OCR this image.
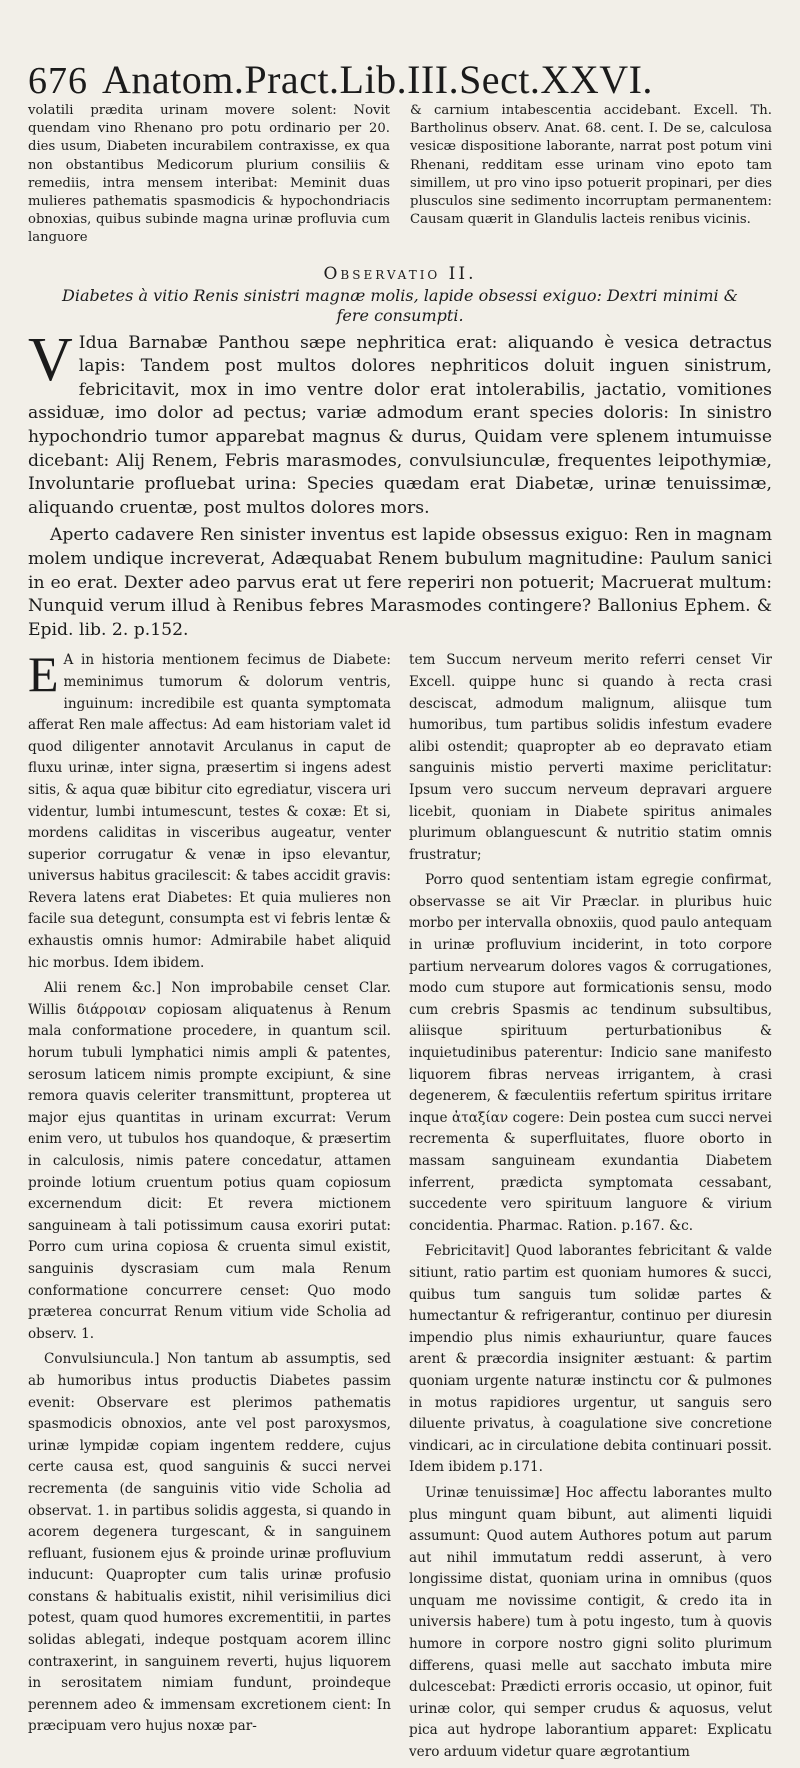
676 Anatom.Pract.Lib.III.Sect.XXVI.

volatili prædita urinam movere solent: Novit quendam vino Rhenano pro potu ordinario per 20. dies usum, Diabeten incurabilem contraxisse, ex qua non obstantibus Medicorum plurium consiliis & remediis, intra mensem interibat: Meminit duas mulieres pathematis spasmodicis & hypochondriacis obnoxias, quibus subinde magna urinæ profluvia cum languore

& carnium intabescentia accidebant. Excell. Th. Bartholinus observ. Anat. 68. cent. I. De se, calculosa vesicæ dispositione laborante, narrat post potum vini Rhenani, redditam esse urinam vino epoto tam simillem, ut pro vino ipso potuerit propinari, per dies plusculos sine sedimento incorruptam permanentem: Causam quærit in Glandulis lacteis renibus vicinis.

Observatio II.
Diabetes à vitio Renis sinistri magnæ molis, lapide obsessi exiguo: Dextri minimi & fere consumpti.

V Idua Barnabæ Panthou sæpe nephritica erat: aliquando è vesica detractus lapis: Tandem post multos dolores nephriticos doluit inguen sinistrum, febricitavit, mox in imo ventre dolor erat intolerabilis, jactatio, vomitiones assiduæ, imo dolor ad pectus; variæ admodum erant species doloris: In sinistro hypochondrio tumor apparebat magnus & durus, Quidam vere splenem intumuisse dicebant: Alij Renem, Febris marasmodes, convulsiunculæ, frequentes leipothymiæ, Involuntarie profluebat urina: Species quædam erat Diabetæ, urinæ tenuissimæ, aliquando cruentæ, post multos dolores mors.

Aperto cadavere Ren sinister inventus est lapide obsessus exiguo: Ren in magnam molem undique increverat, Adæquabat Renem bubulum magnitudine: Paulum sanici in eo erat. Dexter adeo parvus erat ut fere reperiri non potuerit; Macruerat multum: Nunquid verum illud à Renibus febres Marasmodes contingere? Ballonius Ephem. & Epid. lib. 2. p.152.

E A in historia mentionem fecimus de Diabete: meminimus tumorum & dolorum ventris, inguinum: incredibile est quanta symptomata afferat Ren male affectus: Ad eam historiam valet id quod diligenter annotavit Arculanus in caput de fluxu urinæ, inter signa, præsertim si ingens adest sitis, & aqua quæ bibitur cito egrediatur, viscera uri videntur, lumbi intumescunt, testes & coxæ: Et si, mordens caliditas in visceribus augeatur, venter superior corrugatur & venæ in ipso elevantur, universus habitus gracilescit: & tabes accidit gravis: Revera latens erat Diabetes: Et quia mulieres non facile sua detegunt, consumpta est vi febris lentæ & exhaustis omnis humor: Admirabile habet aliquid hic morbus. Idem ibidem.

Alii renem &c.] Non improbabile censet Clar. Willis διάρροιαν copiosam aliquatenus à Renum mala conformatione procedere, in quantum scil. horum tubuli lymphatici nimis ampli & patentes, serosum laticem nimis prompte excipiunt, & sine remora quavis celeriter transmittunt, propterea ut major ejus quantitas in urinam excurrat: Verum enim vero, ut tubulos hos quandoque, & præsertim in calculosis, nimis patere concedatur, attamen proinde lotium cruentum potius quam copiosum excernendum dicit: Et revera mictionem sanguineam à tali potissimum causa exoriri putat: Porro cum urina copiosa & cruenta simul existit, sanguinis dyscrasiam cum mala Renum conformatione concurrere censet: Quo modo præterea concurrat Renum vitium vide Scholia ad observ. 1.

Convulsiuncula.] Non tantum ab assumptis, sed ab humoribus intus productis Diabetes passim evenit: Observare est plerimos pathematis spasmodicis obnoxios, ante vel post paroxysmos, urinæ lympidæ copiam ingentem reddere, cujus certe causa est, quod sanguinis & succi nervei recrementa (de sanguinis vitio vide Scholia ad observat. 1. in partibus solidis aggesta, si quando in acorem degenera turgescant, & in sanguinem refluant, fusionem ejus & proinde urinæ profluvium inducunt: Quapropter cum talis urinæ profusio constans & habitualis existit, nihil verisimilius dici potest, quam quod humores excrementitii, in partes solidas ablegati, indeque postquam acorem illinc contraxerint, in sanguinem reverti, hujus liquorem in serositatem nimiam fundunt, proindeque perennem adeo & immensam excretionem cient: In præcipuam vero hujus noxæ par-

tem Succum nerveum merito referri censet Vir Excell. quippe hunc si quando à recta crasi desciscat, admodum malignum, aliisque tum humoribus, tum partibus solidis infestum evadere alibi ostendit; quapropter ab eo depravato etiam sanguinis mistio perverti maxime periclitatur: Ipsum vero succum nerveum depravari arguere licebit, quoniam in Diabete spiritus animales plurimum oblanguescunt & nutritio statim omnis frustratur;

Porro quod sententiam istam egregie confirmat, observasse se ait Vir Præclar. in pluribus huic morbo per intervalla obnoxiis, quod paulo antequam in urinæ profluvium inciderint, in toto corpore partium nervearum dolores vagos & corrugationes, modo cum stupore aut formicationis sensu, modo cum crebris Spasmis ac tendinum subsultibus, aliisque spirituum perturbationibus & inquietudinibus paterentur: Indicio sane manifesto liquorem fibras nerveas irrigantem, à crasi degenerem, & fæculentiis refertum spiritus irritare inque ἀταξίαν cogere: Dein postea cum succi nervei recrementa & superfluitates, fluore oborto in massam sanguineam exundantia Diabetem inferrent, prædicta symptomata cessabant, succedente vero spirituum languore & virium concidentia. Pharmac. Ration. p.167. &c.

Febricitavit] Quod laborantes febricitant & valde sitiunt, ratio partim est quoniam humores & succi, quibus tum sanguis tum solidæ partes & humectantur & refrigerantur, continuo per diuresin impendio plus nimis exhauriuntur, quare fauces arent & præcordia insigniter æstuant: & partim quoniam urgente naturæ instinctu cor & pulmones in motus rapidiores urgentur, ut sanguis sero diluente privatus, à coagulatione sive concretione vindicari, ac in circulatione debita continuari possit. Idem ibidem p.171.

Urinæ tenuissimæ] Hoc affectu laborantes multo plus mingunt quam bibunt, aut alimenti liquidi assumunt: Quod autem Authores potum aut parum aut nihil immutatum reddi asserunt, à vero longissime distat, quoniam urina in omnibus (quos unquam me novissime contigit, & credo ita in universis habere) tum à potu ingesto, tum à quovis humore in corpore nostro gigni solito plurimum differens, quasi melle aut sacchato imbuta mire dulcescebat: Prædicti erroris occasio, ut opinor, fuit urinæ color, qui semper crudus & aquosus, velut pica aut hydrope laborantium apparet: Explicatu vero arduum videtur quare ægrotantium
